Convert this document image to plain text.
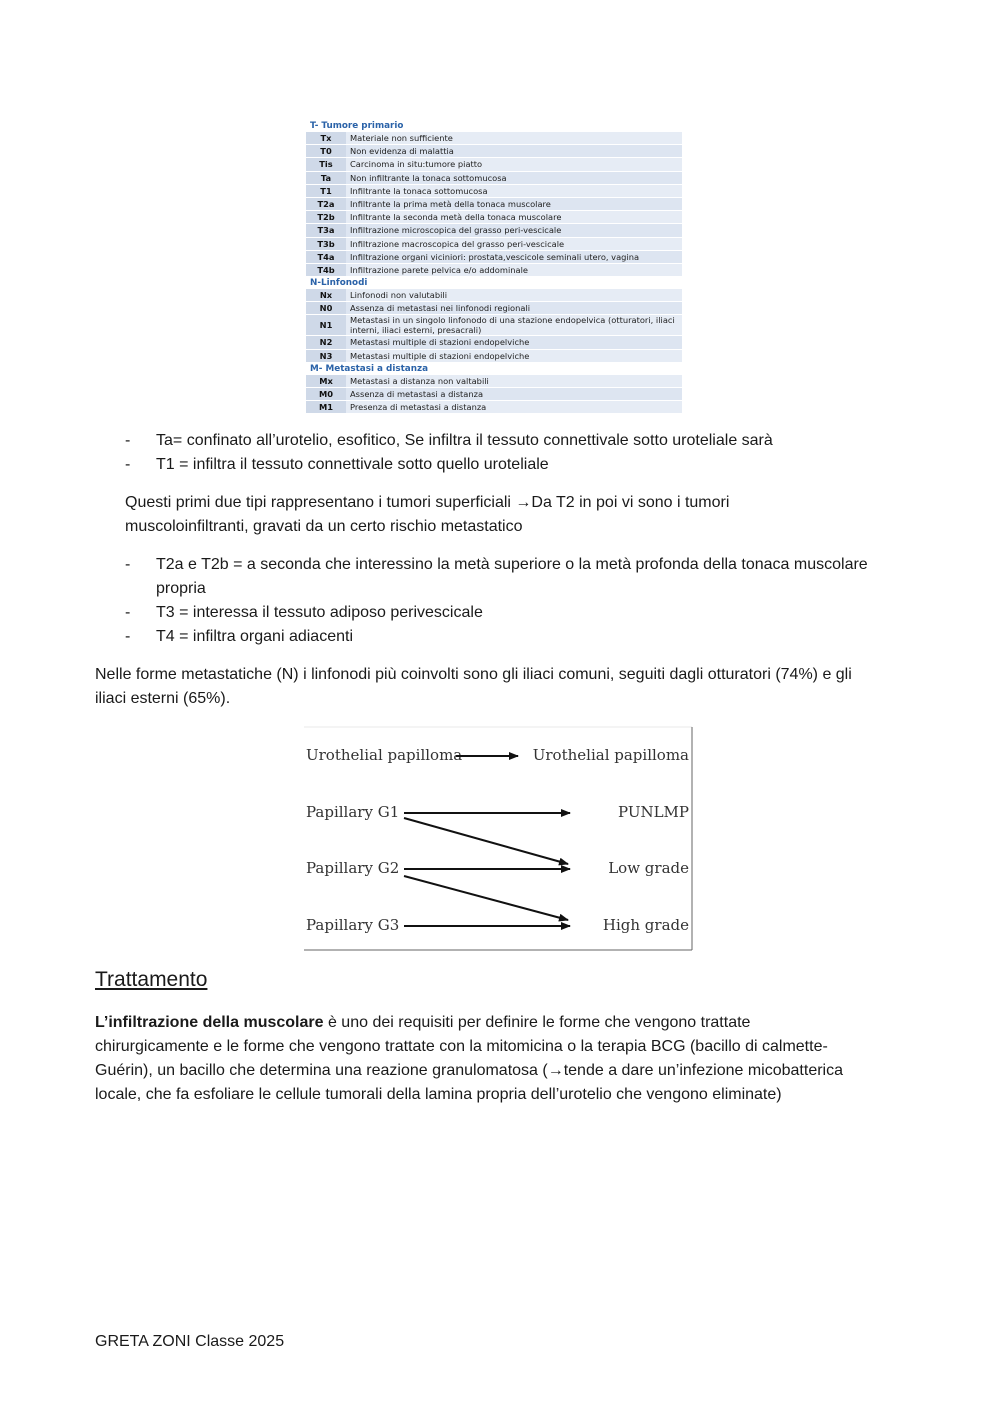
T- Tumore primario
Tx	Materiale non sufficiente
T0	Non evidenza di malattia
Tis	Carcinoma in situ:tumore piatto
Ta	Non infiltrante la tonaca sottomucosa
T1	Infiltrante la tonaca sottomucosa
T2a	Infiltrante la prima metà della tonaca muscolare
T2b	Infiltrante la seconda metà della tonaca muscolare
T3a	Infiltrazione microscopica del grasso peri-vescicale
T3b	Infiltrazione macroscopica del grasso peri-vescicale
T4a	Infiltrazione organi viciniori: prostata,vescicole seminali utero, vagina
T4b	Infiltrazione parete pelvica e/o addominale
N-Linfonodi
Nx	Linfonodi non valutabili
N0	Assenza di metastasi nei linfonodi regionali
N1	Metastasi in un singolo linfonodo di una stazione endopelvica (otturatori, iliaci interni, iliaci esterni, presacrali)
N2	Metastasi multiple di stazioni endopelviche
N3	Metastasi multiple di stazioni endopelviche
M- Metastasi a distanza
Mx	Metastasi a distanza non valtabili
M0	Assenza di metastasi a distanza
M1	Presenza di metastasi a distanza
- Ta= confinato all’urotelio, esofitico, Se infiltra il tessuto connettivale sotto uroteliale sarà
- T1 = infiltra il tessuto connettivale sotto quello uroteliale
Questi primi due tipi rappresentano i tumori superficiali →Da T2 in poi vi sono i tumori
muscoloinfiltranti, gravati da un certo rischio metastatico
- T2a e T2b = a seconda che interessino la metà superiore o la metà profonda della tonaca muscolare
propria
- T3 = interessa il tessuto adiposo perivescicale
- T4 = infiltra organi adiacenti
Nelle forme metastatiche (N) i linfonodi più coinvolti sono gli iliaci comuni, seguiti dagli otturatori (74%) e gli
iliaci esterni (65%).
Urothelial papilloma
Papillary G1
Papillary G2
Papillary G3
Urothelial papilloma
PUNLMP
Low grade
High grade
Trattamento
L’infiltrazione della muscolare è uno dei requisiti per definire le forme che vengono trattate
chirurgicamente e le forme che vengono trattate con la mitomicina o la terapia BCG (bacillo di calmette-
Guérin), un bacillo che determina una reazione granulomatosa (→tende a dare un’infezione micobatterica
locale, che fa esfoliare le cellule tumorali della lamina propria dell’urotelio che vengono eliminate)
GRETA ZONI Classe 2025
